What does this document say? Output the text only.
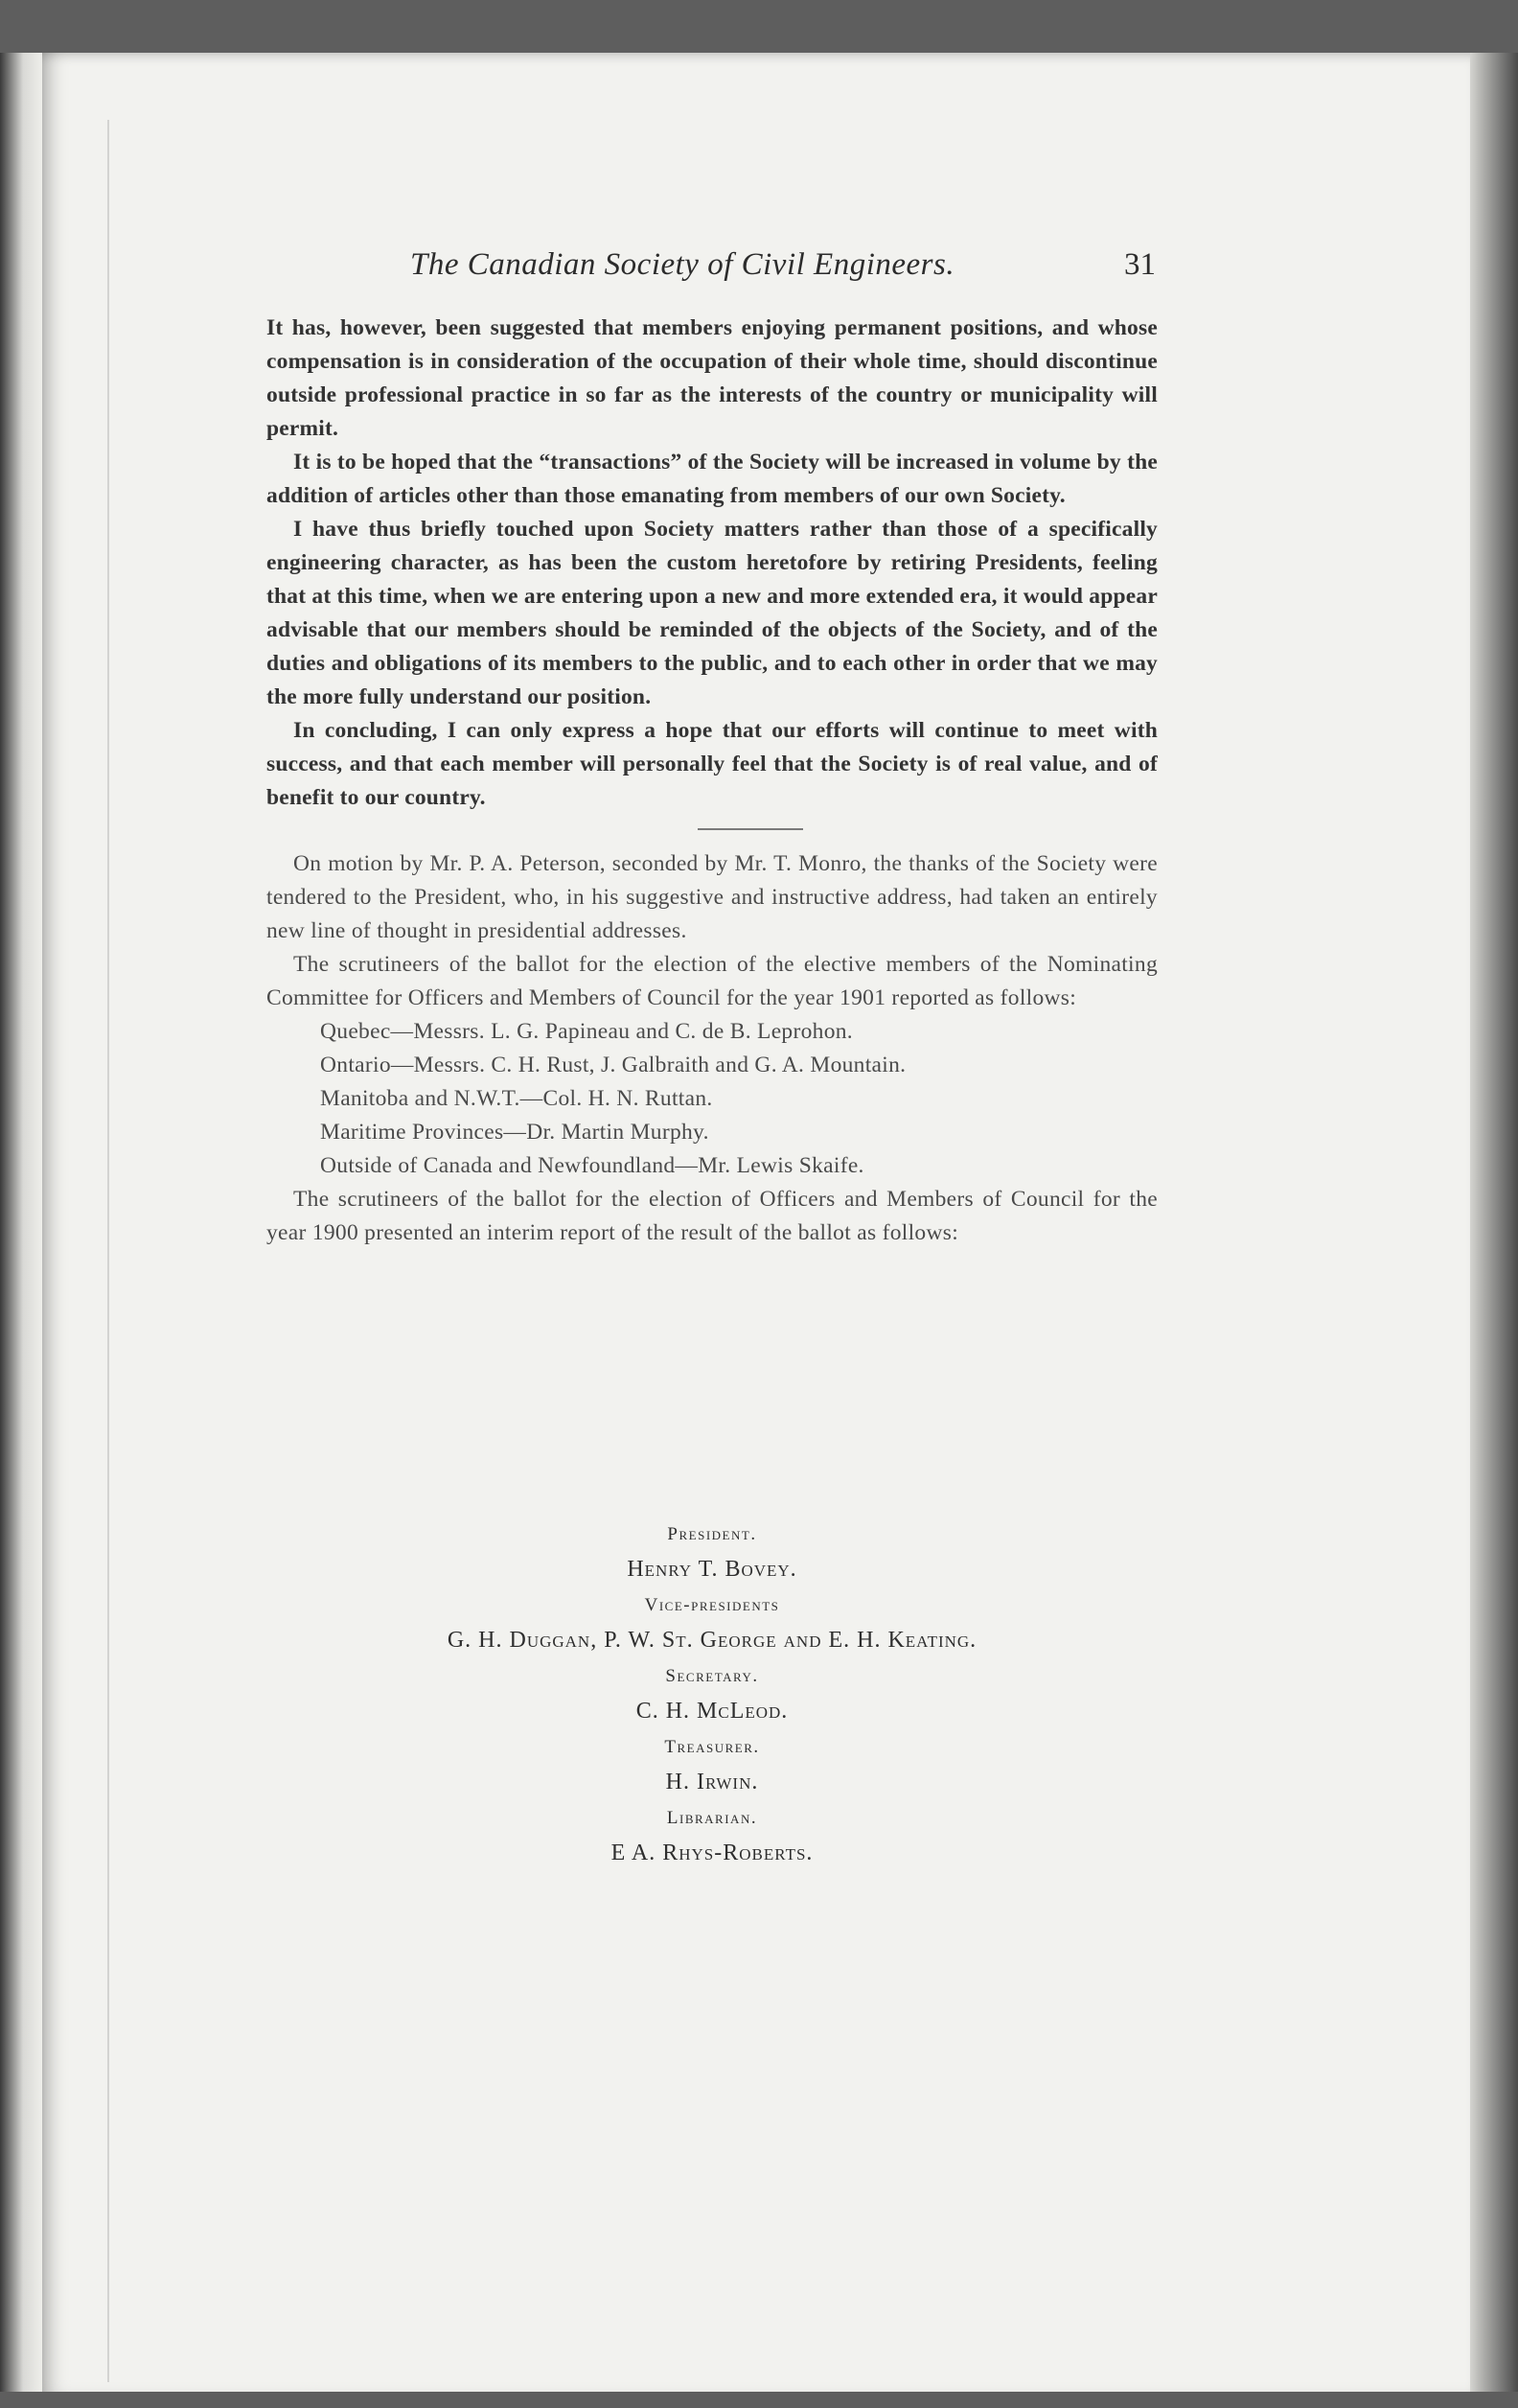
The Canadian Society of Civil Engineers.	31

It has, however, been suggested that members enjoying permanent positions, and whose compensation is in consideration of the occupation of their whole time, should discontinue outside professional practice in so far as the interests of the country or municipality will permit.

It is to be hoped that the “transactions” of the Society will be increased in volume by the addition of articles other than those emanating from members of our own Society.

I have thus briefly touched upon Society matters rather than those of a specifically engineering character, as has been the custom heretofore by retiring Presidents, feeling that at this time, when we are entering upon a new and more extended era, it would appear advisable that our members should be reminded of the objects of the Society, and of the duties and obligations of its members to the public, and to each other in order that we may the more fully understand our position.

In concluding, I can only express a hope that our efforts will continue to meet with success, and that each member will personally feel that the Society is of real value, and of benefit to our country.

On motion by Mr. P. A. Peterson, seconded by Mr. T. Monro, the thanks of the Society were tendered to the President, who, in his suggestive and instructive address, had taken an entirely new line of thought in presidential addresses.

The scrutineers of the ballot for the election of the elective members of the Nominating Committee for Officers and Members of Council for the year 1901 reported as follows:

Quebec—Messrs. L. G. Papineau and C. de B. Leprohon.

Ontario—Messrs. C. H. Rust, J. Galbraith and G. A. Mountain.

Manitoba and N.W.T.—Col. H. N. Ruttan.

Maritime Provinces—Dr. Martin Murphy.

Outside of Canada and Newfoundland—Mr. Lewis Skaife.

The scrutineers of the ballot for the election of Officers and Members of Council for the year 1900 presented an interim report of the result of the ballot as follows:

President.
Henry T. Bovey.
Vice-presidents
G. H. Duggan, P. W. St. George and E. H. Keating.
Secretary.
C. H. McLeod.
Treasurer.
H. Irwin.
Librarian.
E A. Rhys-Roberts.
